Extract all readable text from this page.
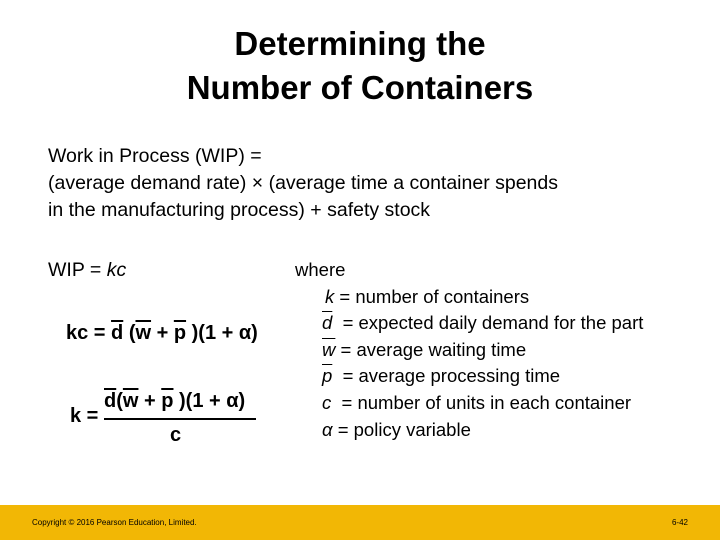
Determining the
Number of Containers
Work in Process (WIP) =
(average demand rate) × (average time a container spends
in the manufacturing process) + safety stock
WIP = kc
kc = $\overline{d}$ ($\overline{w} + \overline{p}$ )(1 + α)
k =
$\overline{d}(\overline{w} + \overline{p}$ )(1 + α)
c
where
k = number of containers
$\overline{d}$  = expected daily demand for the part
$\overline{w}$ = average waiting time
$\overline{p}$  = average processing time
c  = number of units in each container
α = policy variable
Copyright © 2016 Pearson Education, Limited.	6-42
